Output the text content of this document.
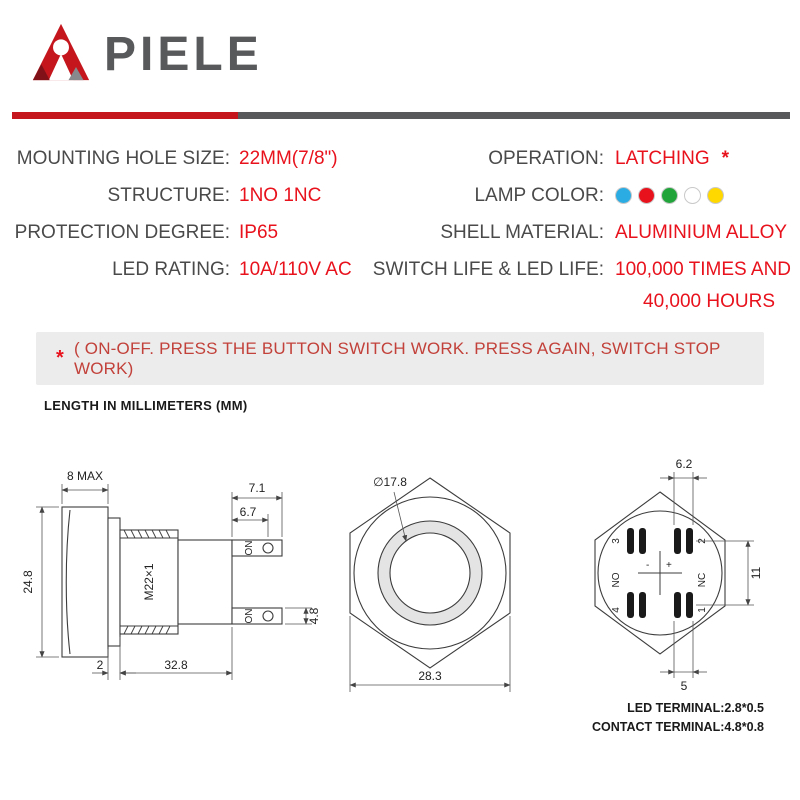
PIELE
MOUNTING HOLE SIZE: 22MM(7/8")	OPERATION: LATCHING *
STRUCTURE: 1NO 1NC	LAMP COLOR:
PROTECTION DEGREE: IP65	SHELL MATERIAL: ALUMINIUM ALLOY
LED RATING: 10A/110V AC	SWITCH LIFE & LED LIFE: 100,000 TIMES AND
40,000 HOURS
* ( ON-OFF. PRESS THE BUTTON SWITCH WORK. PRESS AGAIN, SWITCH STOP WORK)
LENGTH IN MILLIMETERS (MM)
8 MAX
24.8
7.1
6.7
NO
NO
M22×1
4.8
2	32.8
∅17.8
28.3
3	2
NO	NC
4	1
+
-
6.2
11
5
LED TERMINAL:2.8*0.5
CONTACT TERMINAL:4.8*0.8
